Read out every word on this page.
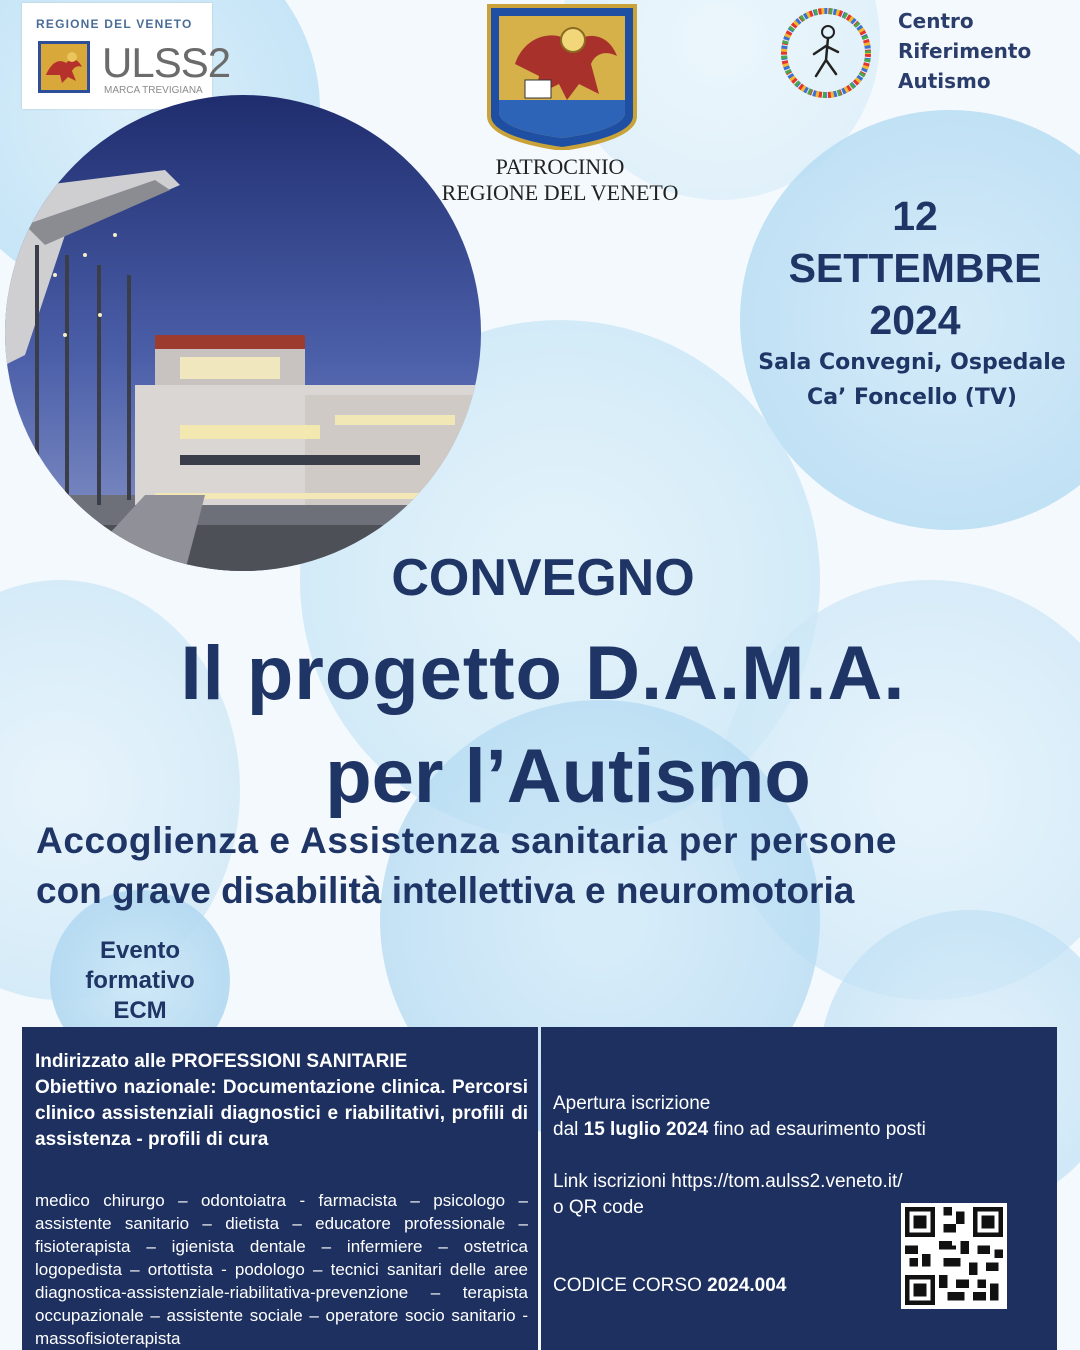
REGIONE DEL VENETO
ULSS2
MARCA TREVIGIANA
PATROCINIO
REGIONE DEL VENETO
Centro
Riferimento
Autismo
12
SETTEMBRE
2024
Sala Convegni, Ospedale
Ca’ Foncello (TV)
CONVEGNO
Il progetto D.A.M.A.
per l’Autismo
Accoglienza e Assistenza sanitaria per persone
con grave disabilità intellettiva e neuromotoria
Evento
formativo
ECM

Indirizzato alle PROFESSIONI SANITARIE

Obiettivo nazionale: Documentazione clinica. Percorsi clinico assistenziali diagnostici e riabilitativi, profili di assistenza - profili di cura

medico chirurgo – odontoiatra - farmacista – psicologo – assistente sanitario – dietista – educatore professionale – fisioterapista – igienista dentale – infermiere – ostetrica logopedista – ortottista - podologo – tecnici sanitari delle aree diagnostica-assistenziale-riabilitativa-prevenzione – terapista occupazionale – assistente sociale – operatore socio sanitario - massofisioterapista

Apertura iscrizione

dal 15 luglio 2024 fino ad esaurimento posti

Link iscrizioni https://tom.aulss2.veneto.it/

o QR code

CODICE CORSO 2024.004
